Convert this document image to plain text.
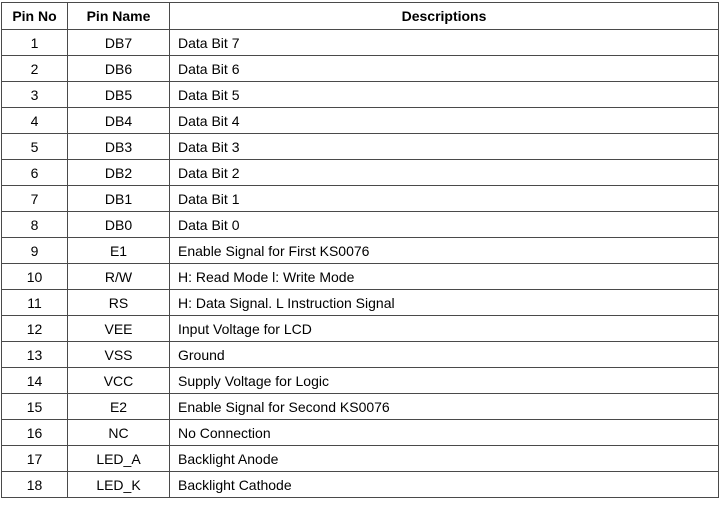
Pin No	Pin Name	Descriptions
1	DB7	Data Bit 7
2	DB6	Data Bit 6
3	DB5	Data Bit 5
4	DB4	Data Bit 4
5	DB3	Data Bit 3
6	DB2	Data Bit 2
7	DB1	Data Bit 1
8	DB0	Data Bit 0
9	E1	Enable Signal for First KS0076
10	R/W	H: Read Mode l: Write Mode
11	RS	H: Data Signal. L Instruction Signal
12	VEE	Input Voltage for LCD
13	VSS	Ground
14	VCC	Supply Voltage for Logic
15	E2	Enable Signal for Second KS0076
16	NC	No Connection
17	LED_A	Backlight Anode
18	LED_K	Backlight Cathode
